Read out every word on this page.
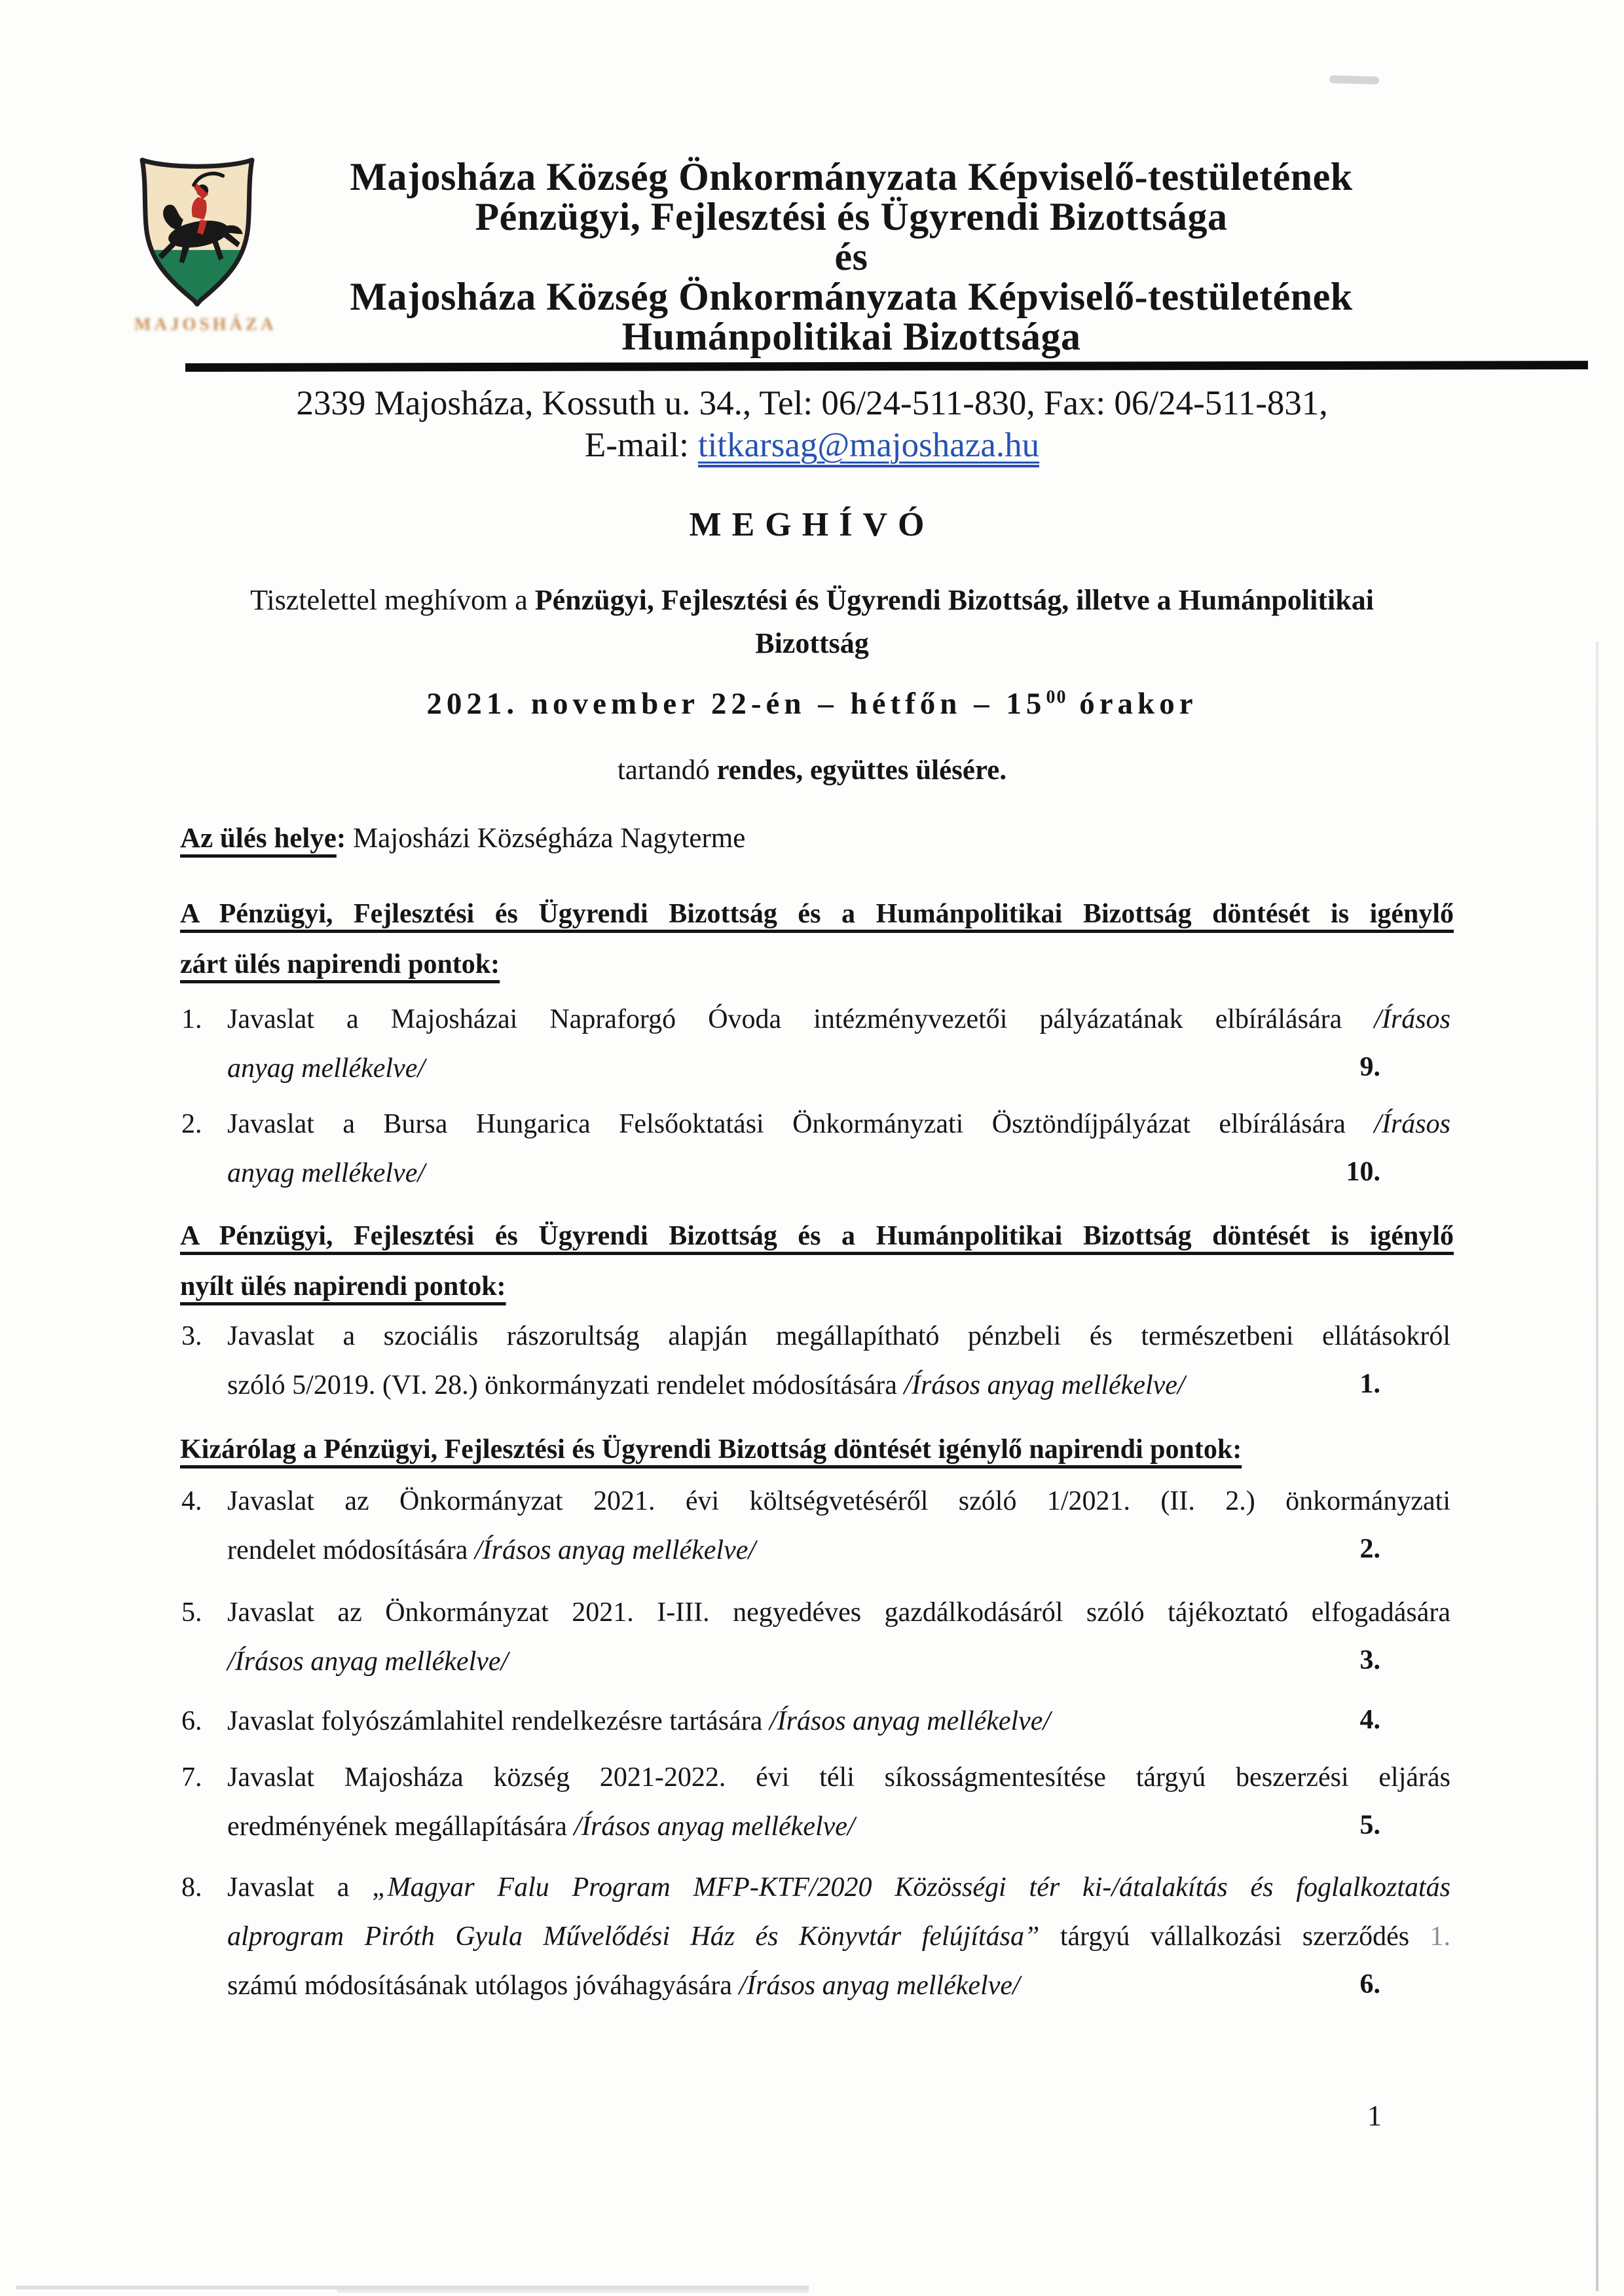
MAJOSHÁZA
Majosháza Község Önkormányzata Képviselő-testületének
Pénzügyi, Fejlesztési és Ügyrendi Bizottsága
és
Majosháza Község Önkormányzata Képviselő-testületének
Humánpolitikai Bizottsága
2339 Majosháza, Kossuth u. 34., Tel: 06/24-511-830, Fax: 06/24-511-831,
E-mail: titkarsag@majoshaza.hu
MEGHÍVÓ
Tisztelettel meghívom a Pénzügyi, Fejlesztési és Ügyrendi Bizottság, illetve a Humánpolitikai
Bizottság
2021. november 22-én – hétfőn – $15^{00}$ órakor
tartandó rendes, együttes ülésére.
Az ülés helye: Majosházi Községháza Nagyterme
A Pénzügyi, Fejlesztési és Ügyrendi Bizottság és a Humánpolitikai Bizottság döntését is igénylő
zárt ülés napirendi pontok:
A Pénzügyi, Fejlesztési és Ügyrendi Bizottság és a Humánpolitikai Bizottság döntését is igénylő
nyílt ülés napirendi pontok:
Kizárólag a Pénzügyi, Fejlesztési és Ügyrendi Bizottság döntését igénylő napirendi pontok:
1. Javaslat a Majosházai Napraforgó Óvoda intézményvezetői pályázatának elbírálására /Írásos
anyag mellékelve/	9.
2. Javaslat a Bursa Hungarica Felsőoktatási Önkormányzati Ösztöndíjpályázat elbírálására /Írásos
anyag mellékelve/	10.
3. Javaslat a szociális rászorultság alapján megállapítható pénzbeli és természetbeni ellátásokról
szóló 5/2019. (VI. 28.) önkormányzati rendelet módosítására /Írásos anyag mellékelve/	1.
4. Javaslat az Önkormányzat 2021. évi költségvetéséről szóló 1/2021. (II. 2.) önkormányzati
rendelet módosítására /Írásos anyag mellékelve/	2.
5. Javaslat az Önkormányzat 2021. I-III. negyedéves gazdálkodásáról szóló tájékoztató elfogadására
/Írásos anyag mellékelve/	3.
6. Javaslat folyószámlahitel rendelkezésre tartására /Írásos anyag mellékelve/	4.
7. Javaslat Majosháza község 2021-2022. évi téli síkosságmentesítése tárgyú beszerzési eljárás
eredményének megállapítására /Írásos anyag mellékelve/	5.
8. Javaslat a „Magyar Falu Program MFP-KTF/2020 Közösségi tér ki-/átalakítás és foglalkoztatás
alprogram Piróth Gyula Művelődési Ház és Könyvtár felújítása” tárgyú vállalkozási szerződés 1.
számú módosításának utólagos jóváhagyására /Írásos anyag mellékelve/	6.
1
